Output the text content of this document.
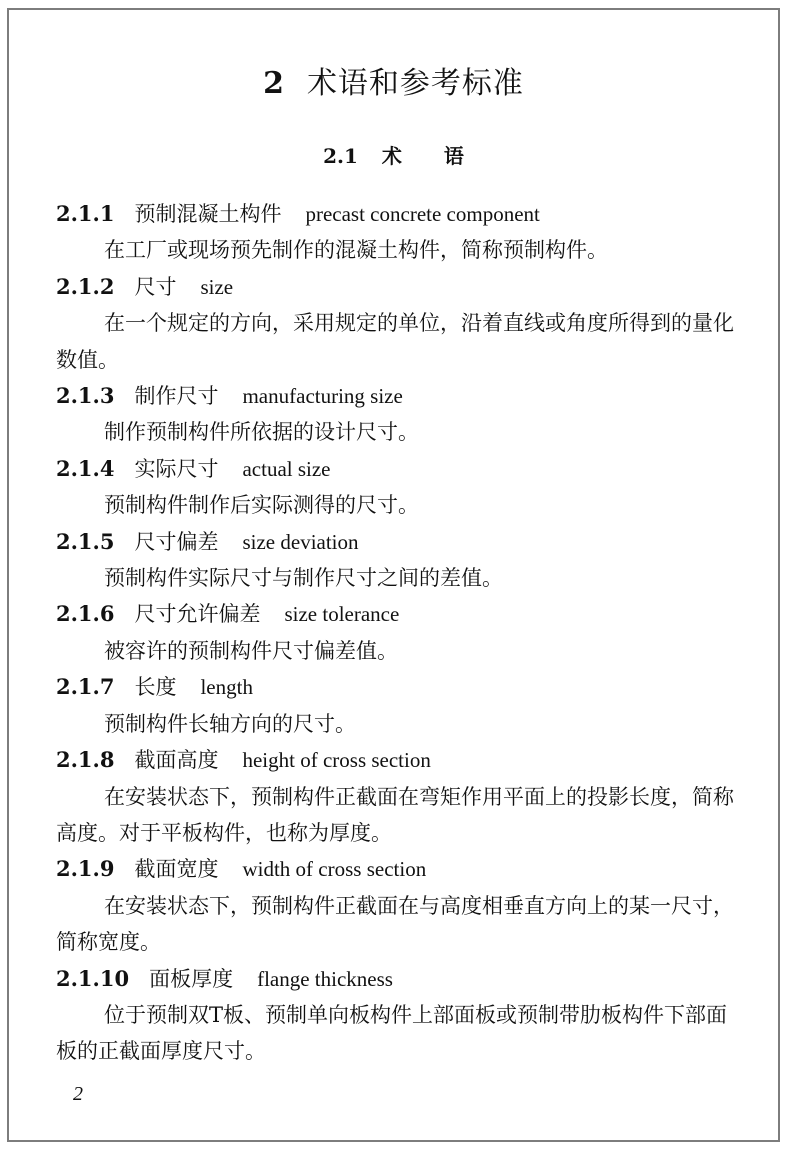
2 术语和参考标准
2.1 术 语
2.1.1 预制混凝土构件 precast concrete component
在工厂或现场预先制作的混凝土构件，简称预制构件。
2.1.2 尺寸 size
在一个规定的方向，采用规定的单位，沿着直线或角度所得到的量化数值。
2.1.3 制作尺寸 manufacturing size
制作预制构件所依据的设计尺寸。
2.1.4 实际尺寸 actual size
预制构件制作后实际测得的尺寸。
2.1.5 尺寸偏差 size deviation
预制构件实际尺寸与制作尺寸之间的差值。
2.1.6 尺寸允许偏差 size tolerance
被容许的预制构件尺寸偏差值。
2.1.7 长度 length
预制构件长轴方向的尺寸。
2.1.8 截面高度 height of cross section
在安装状态下，预制构件正截面在弯矩作用平面上的投影长度，简称高度。对于平板构件，也称为厚度。
2.1.9 截面宽度 width of cross section
在安装状态下，预制构件正截面在与高度相垂直方向上的某一尺寸，简称宽度。
2.1.10 面板厚度 flange thickness
位于预制双T板、预制单向板构件上部面板或预制带肋板构件下部面板的正截面厚度尺寸。
2
